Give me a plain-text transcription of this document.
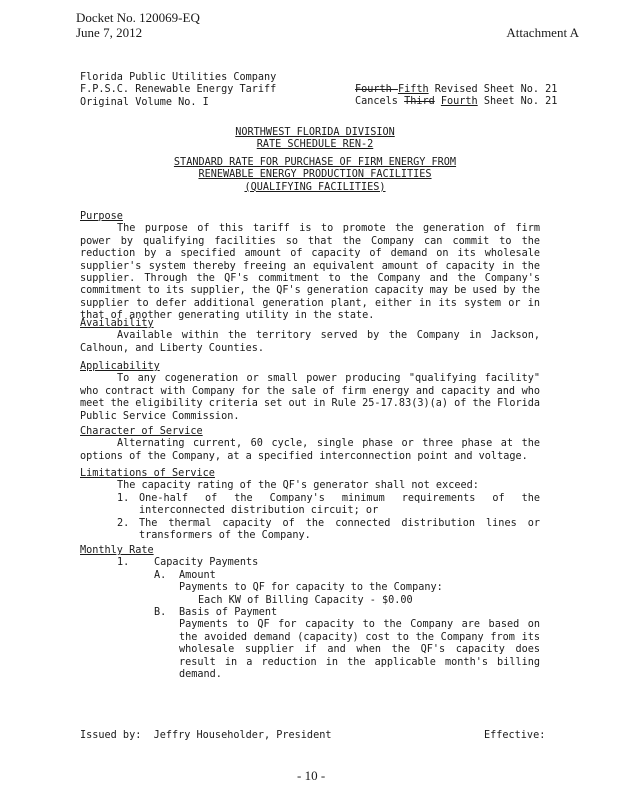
Docket No. 120069-EQ
June 7, 2012	Attachment A
Florida Public Utilities Company
F.P.S.C. Renewable Energy Tariff
Original Volume No. I
Fourth Fifth Revised Sheet No. 21
Cancels Third Fourth Sheet No. 21
NORTHWEST FLORIDA DIVISION
RATE SCHEDULE REN-2
STANDARD RATE FOR PURCHASE OF FIRM ENERGY FROM
RENEWABLE ENERGY PRODUCTION FACILITIES
(QUALIFYING FACILITIES)
Purpose
The purpose of this tariff is to promote the generation of firm power by qualifying facilities so that the Company can commit to the reduction by a specified amount of capacity of demand on its wholesale supplier's system thereby freeing an equivalent amount of capacity in the supplier. Through the QF's commitment to the Company and the Company's commitment to its supplier, the QF's generation capacity may be used by the supplier to defer additional generation plant, either in its system or in that of another generating utility in the state.
Availability
Available within the territory served by the Company in Jackson, Calhoun, and Liberty Counties.
Applicability
To any cogeneration or small power producing "qualifying facility" who contract with Company for the sale of firm energy and capacity and who meet the eligibility criteria set out in Rule 25-17.83(3)(a) of the Florida Public Service Commission.
Character of Service
Alternating current, 60 cycle, single phase or three phase at the options of the Company, at a specified interconnection point and voltage.
Limitations of Service
The capacity rating of the QF's generator shall not exceed:
1. One-half of the Company's minimum requirements of the interconnected distribution circuit; or
2. The thermal capacity of the connected distribution lines or transformers of the Company.
Monthly Rate
1.	Capacity Payments
A.	Amount
Payments to QF for capacity to the Company:
Each KW of Billing Capacity - $0.00
B.	Basis of Payment
Payments to QF for capacity to the Company are based on the avoided demand (capacity) cost to the Company from its wholesale supplier if and when the QF's capacity does result in a reduction in the applicable month's billing demand.
Issued by:  Jeffry Householder, President	Effective:
- 10 -
